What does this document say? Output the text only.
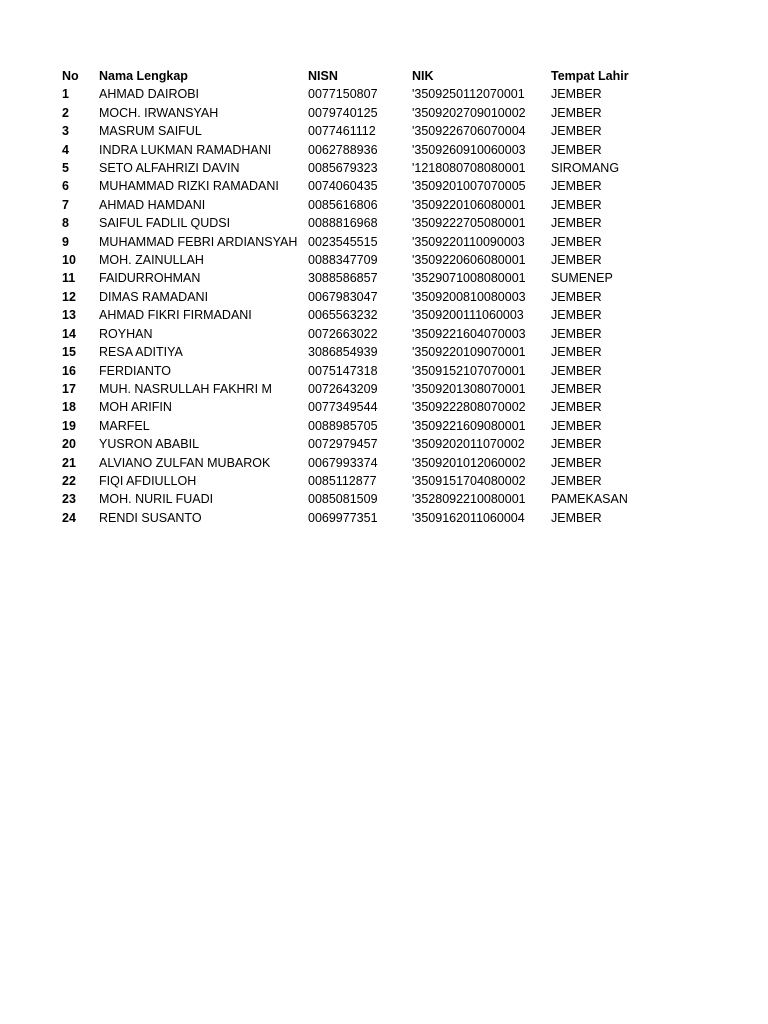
No	Nama Lengkap	NISN	NIK	Tempat Lahir
1	AHMAD DAIROBI	0077150807	'3509250112070001	JEMBER
2	MOCH. IRWANSYAH	0079740125	'3509202709010002	JEMBER
3	MASRUM SAIFUL	0077461112	'3509226706070004	JEMBER
4	INDRA LUKMAN RAMADHANI	0062788936	'3509260910060003	JEMBER
5	SETO ALFAHRIZI DAVIN	0085679323	'1218080708080001	SIROMANG
6	MUHAMMAD RIZKI RAMADANI	0074060435	'3509201007070005	JEMBER
7	AHMAD HAMDANI	0085616806	'3509220106080001	JEMBER
8	SAIFUL FADLIL QUDSI	0088816968	'3509222705080001	JEMBER
9	MUHAMMAD FEBRI ARDIANSYAH	0023545515	'3509220110090003	JEMBER
10	MOH. ZAINULLAH	0088347709	'3509220606080001	JEMBER
11	FAIDURROHMAN	3088586857	'3529071008080001	SUMENEP
12	DIMAS RAMADANI	0067983047	'3509200810080003	JEMBER
13	AHMAD FIKRI FIRMADANI	0065563232	'3509200111060003	JEMBER
14	ROYHAN	0072663022	'3509221604070003	JEMBER
15	RESA ADITIYA	3086854939	'3509220109070001	JEMBER
16	FERDIANTO	0075147318	'3509152107070001	JEMBER
17	MUH. NASRULLAH FAKHRI M	0072643209	'3509201308070001	JEMBER
18	MOH ARIFIN	0077349544	'3509222808070002	JEMBER
19	MARFEL	0088985705	'3509221609080001	JEMBER
20	YUSRON ABABIL	0072979457	'3509202011070002	JEMBER
21	ALVIANO ZULFAN MUBAROK	0067993374	'3509201012060002	JEMBER
22	FIQI AFDIULLOH	0085112877	'3509151704080002	JEMBER
23	MOH. NURIL FUADI	0085081509	'3528092210080001	PAMEKASAN
24	RENDI SUSANTO	0069977351	'3509162011060004	JEMBER
